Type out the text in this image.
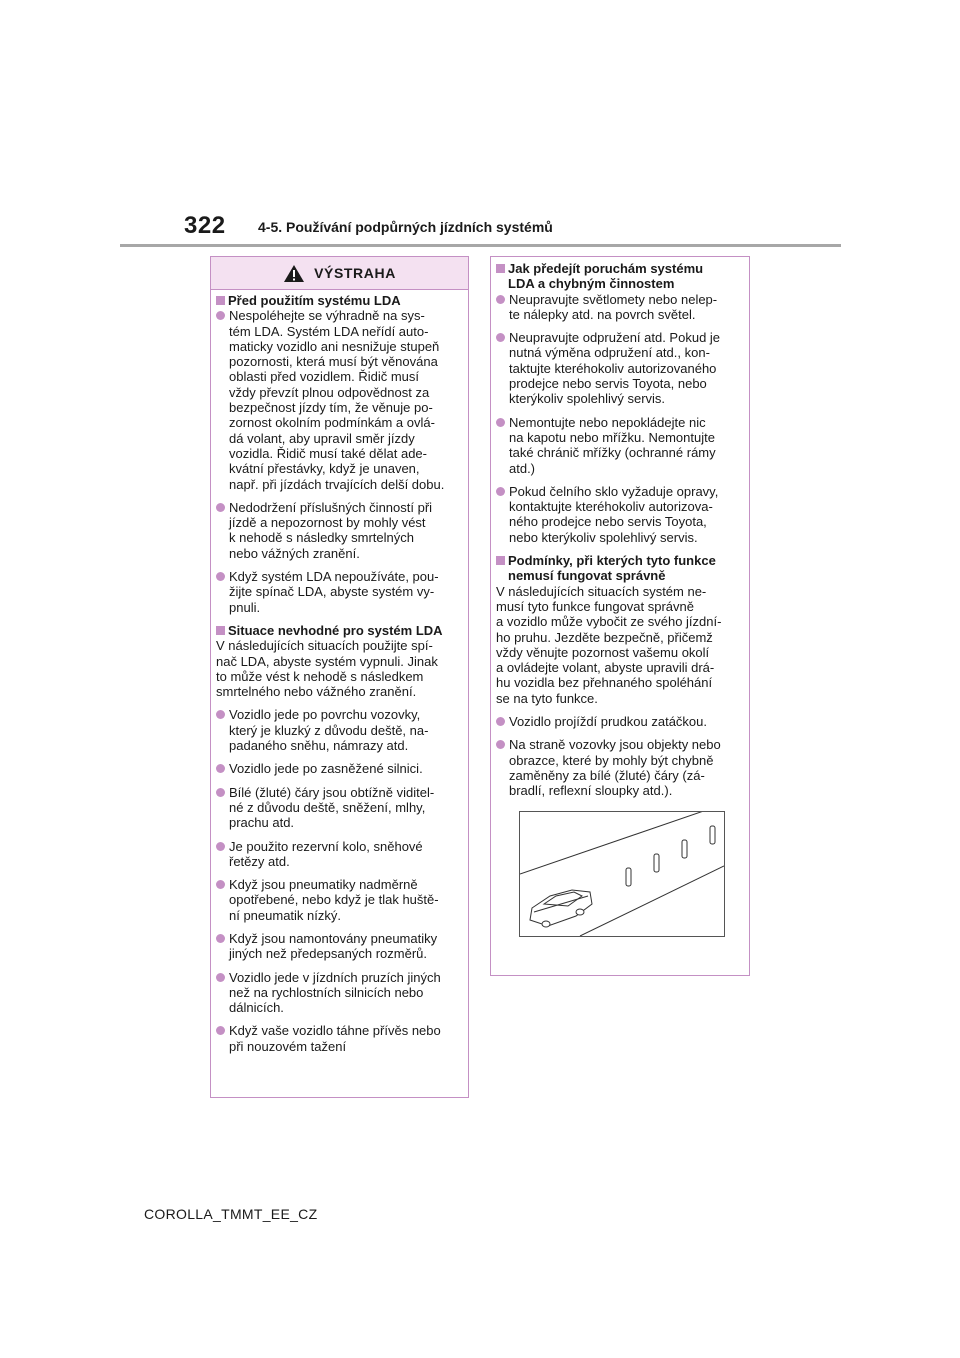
322 4-5. Používání podpůrných jízdních systémů
VÝSTRAHA
Před použitím systému LDA
Nespoléhejte se výhradně na sys-
tém LDA. Systém LDA neřídí auto-
maticky vozidlo ani nesnižuje stupeň
pozornosti, která musí být věnována
oblasti před vozidlem. Řidič musí
vždy převzít plnou odpovědnost za
bezpečnost jízdy tím, že věnuje po-
zornost okolním podmínkám a ovlá-
dá volant, aby upravil směr jízdy
vozidla. Řidič musí také dělat ade-
kvátní přestávky, když je unaven,
např. při jízdách trvajících delší dobu.
Nedodržení příslušných činností při
jízdě a nepozornost by mohly vést
k nehodě s následky smrtelných
nebo vážných zranění.
Když systém LDA nepoužíváte, pou-
žijte spínač LDA, abyste systém vy-
pnuli.
Situace nevhodné pro systém LDA
V následujících situacích použijte spí-
nač LDA, abyste systém vypnuli. Jinak
to může vést k nehodě s následkem
smrtelného nebo vážného zranění.
Vozidlo jede po povrchu vozovky,
který je kluzký z důvodu deště, na-
padaného sněhu, námrazy atd.
Vozidlo jede po zasněžené silnici.
Bílé (žluté) čáry jsou obtížně viditel-
né z důvodu deště, sněžení, mlhy,
prachu atd.
Je použito rezervní kolo, sněhové
řetězy atd.
Když jsou pneumatiky nadměrně
opotřebené, nebo když je tlak huště-
ní pneumatik nízký.
Když jsou namontovány pneumatiky
jiných než předepsaných rozměrů.
Vozidlo jede v jízdních pruzích jiných
než na rychlostních silnicích nebo
dálnicích.
Když vaše vozidlo táhne přívěs nebo
při nouzovém tažení
Jak předejít poruchám systému
LDA a chybným činnostem
Neupravujte světlomety nebo nelep-
te nálepky atd. na povrch světel.
Neupravujte odpružení atd. Pokud je
nutná výměna odpružení atd., kon-
taktujte kteréhokoliv autorizovaného
prodejce nebo servis Toyota, nebo
kterýkoliv spolehlivý servis.
Nemontujte nebo nepokládejte nic
na kapotu nebo mřížku. Nemontujte
také chránič mřížky (ochranné rámy
atd.)
Pokud čelního sklo vyžaduje opravy,
kontaktujte kteréhokoliv autorizova-
ného prodejce nebo servis Toyota,
nebo kterýkoliv spolehlivý servis.
Podmínky, při kterých tyto funkce
nemusí fungovat správně
V následujících situacích systém ne-
musí tyto funkce fungovat správně
a vozidlo může vybočit ze svého jízdní-
ho pruhu. Jezděte bezpečně, přičemž
vždy věnujte pozornost vašemu okolí
a ovládejte volant, abyste upravili drá-
hu vozidla bez přehnaného spoléhání
se na tyto funkce.
Vozidlo projíždí prudkou zatáčkou.
Na straně vozovky jsou objekty nebo
obrazce, které by mohly být chybně
zaměněny za bílé (žluté) čáry (zá-
bradlí, reflexní sloupky atd.).
COROLLA_TMMT_EE_CZ
